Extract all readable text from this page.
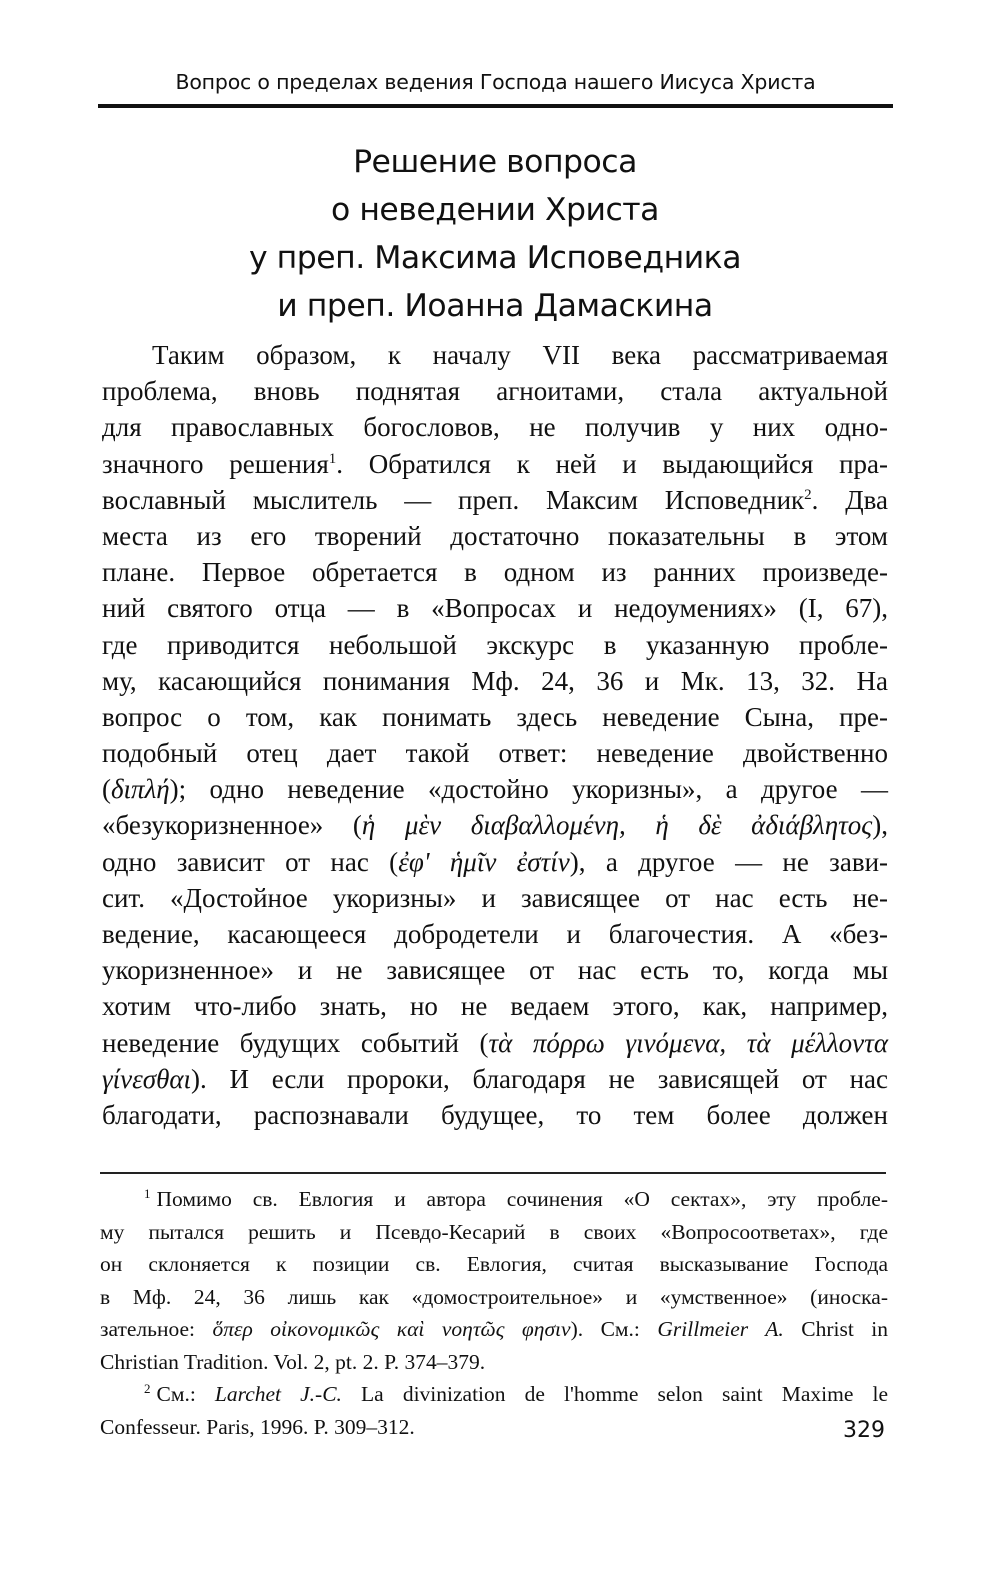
Вопрос о пределах ведения Господа нашего Иисуса Христа
Решение вопроса
о неведении Христа
у преп. Максима Исповедника
и преп. Иоанна Дамаскина
Таким образом, к началу VII века рассматриваемая
проблема, вновь поднятая агноитами, стала актуальной
для православных богословов, не получив у них одно-
значного решения$^1$. Обратился к ней и выдающийся пра-
вославный мыслитель — преп. Максим Исповедник$^2$. Два
места из его творений достаточно показательны в этом
плане. Первое обретается в одном из ранних произведе-
ний святого отца — в «Вопросах и недоумениях» (I, 67),
где приводится небольшой экскурс в указанную пробле-
му, касающийся понимания Мф. 24, 36 и Мк. 13, 32. На
вопрос о том, как понимать здесь неведение Сына, пре-
подобный отец дает такой ответ: неведение двойственно
(διπλή); одно неведение «достойно укоризны», а другое —
«безукоризненное» (ἡ μὲν διαβαλλομένη, ἡ δὲ ἀδιάβλητος),
одно зависит от нас (ἐφ' ἡμῖν ἐστίν), а другое — не зави-
сит. «Достойное укоризны» и зависящее от нас есть не-
ведение, касающееся добродетели и благочестия. А «без-
укоризненное» и не зависящее от нас есть то, когда мы
хотим что-либо знать, но не ведаем этого, как, например,
неведение будущих событий (τὰ πόρρω γινόμενα, τὰ μέλλοντα
γίνεσθαι). И если пророки, благодаря не зависящей от нас
благодати, распознавали будущее, то тем более должен
$^1$ Помимо св. Евлогия и автора сочинения «О сектах», эту пробле-
му пытался решить и Псевдо-Кесарий в своих «Вопросоответах», где
он склоняется к позиции св. Евлогия, считая высказывание Господа
в Мф. 24, 36 лишь как «домостроительное» и «умственное» (иноска-
зательное: ὅπερ οἰκονομικῶς καὶ νοητῶς φησιν). См.: Grillmeier A. Christ in
Christian Tradition. Vol. 2, pt. 2. P. 374–379.
$^2$ См.: Larchet J.-C. La divinization de l'homme selon saint Maxime le
Confesseur. Paris, 1996. P. 309–312.	329
